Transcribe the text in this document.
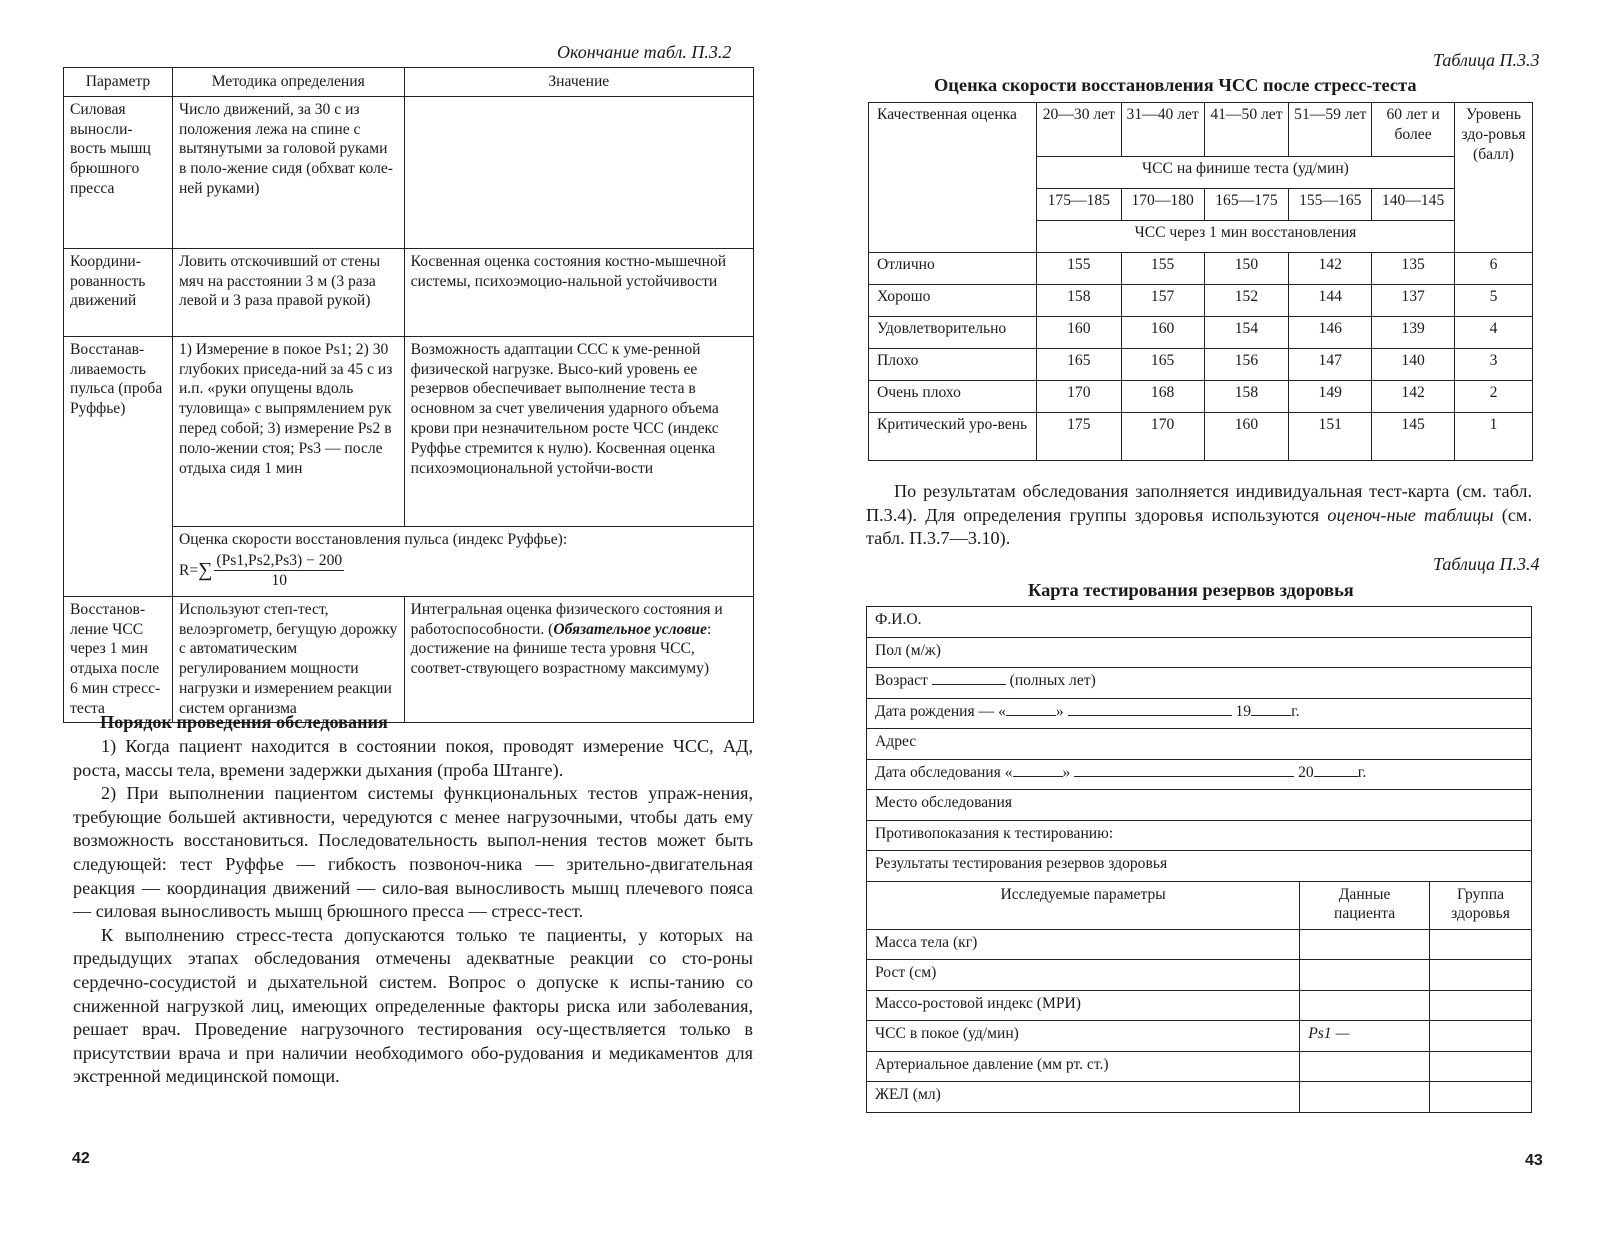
Окончание табл. П.3.2
Параметр	Методика определения	Значение
Силовая выносли-вость мышц брюшного пресса	Число движений, за 30 с из положения лежа на спине с вытянутыми за головой руками в поло-жение сидя (обхват коле-ней руками)	
Координи-рованность движений	Ловить отскочивший от стены мяч на расстоянии 3 м (3 раза левой и 3 раза правой рукой)	Косвенная оценка состояния костно-мышечной системы, психоэмоцио-нальной устойчивости
Восстанав-ливаемость пульса (проба Руффье)	1) Измерение в покое Ps1; 2) 30 глубоких приседа-ний за 45 с из и.п. «руки опущены вдоль туловища» с выпрямлением рук перед собой; 3) измерение Ps2 в поло-жении стоя; Ps3 — после отдыха сидя 1 мин	Возможность адаптации ССС к уме-ренной физической нагрузке. Высо-кий уровень ее резервов обеспечивает выполнение теста в основном за счет увеличения ударного объема крови при незначительном росте ЧСС (индекс Руффье стремится к нулю). Косвенная оценка психоэмоциональной устойчи-вости

	Оценка скорости восстановления пульса (индекс Руффье):
R= ∑ $\frac{(Ps1,Ps2,Ps3) - 200}{10}$

Восстанов-ление ЧСС через 1 мин отдыха после 6 мин стресс-теста	Используют степ-тест, велоэргометр, бегущую дорожку с автоматическим регулированием мощности нагрузки и измерением реакции систем организма	Интегральная оценка физического состояния и работоспособности. (Обязательное условие: достижение на финише теста уровня ЧСС, соответ-ствующего возрастному максимуму)
Порядок проведения обследования

1) Когда пациент находится в состоянии покоя, проводят измерение ЧСС, АД, роста, массы тела, времени задержки дыхания (проба Штанге).

2) При выполнении пациентом системы функциональных тестов упраж-нения, требующие большей активности, чередуются с менее нагрузочными, чтобы дать ему возможность восстановиться. Последовательность выпол-нения тестов может быть следующей: тест Руффье — гибкость позвоноч-ника — зрительно-двигательная реакция — координация движений — сило-вая выносливость мышц плечевого пояса — силовая выносливость мышц брюшного пресса — стресс-тест.

К выполнению стресс-теста допускаются только те пациенты, у которых на предыдущих этапах обследования отмечены адекватные реакции со сто-роны сердечно-сосудистой и дыхательной систем. Вопрос о допуске к испы-танию со сниженной нагрузкой лиц, имеющих определенные факторы риска или заболевания, решает врач. Проведение нагрузочного тестирования осу-ществляется только в присутствии врача и при наличии необходимого обо-рудования и медикаментов для экстренной медицинской помощи.

42
Таблица П.3.3
Оценка скорости восстановления ЧСС после стресс-теста
Качественная оценка	20—30 лет	31—40 лет	41—50 лет	51—59 лет	60 лет и более	Уровень здо-ровья (балл)
	ЧСС на финише теста (уд/мин)					
	175—185	170—180	165—175	155—165	140—145	
	ЧСС через 1 мин восстановления					
Отлично	155	155	150	142	135	6
Хорошо	158	157	152	144	137	5
Удовлетворительно	160	160	154	146	139	4
Плохо	165	165	156	147	140	3
Очень плохо	170	168	158	149	142	2
Критический уро-вень	175	170	160	151	145	1

По результатам обследования заполняется индивидуальная тест-карта (см. табл. П.3.4). Для определения группы здоровья используются оценоч-ные таблицы (см. табл. П.3.7—3.10).

Таблица П.3.4
Карта тестирования резервов здоровья
Ф.И.О.		
Пол (м/ж)		
Возраст (полных лет)		
Дата рождения — « » 19 г.		
Адрес		
Дата обследования « » 20 г.		
Место обследования		
Противопоказания к тестированию:		
Результаты тестирования резервов здоровья		
Исследуемые параметры	Данные пациента	Группа здоровья
Масса тела (кг)		
Рост (см)		
Массо-ростовой индекс (МРИ)		
ЧСС в покое (уд/мин)	Ps1 —	
Артериальное давление (мм рт. ст.)		
ЖЕЛ (мл)		
43
